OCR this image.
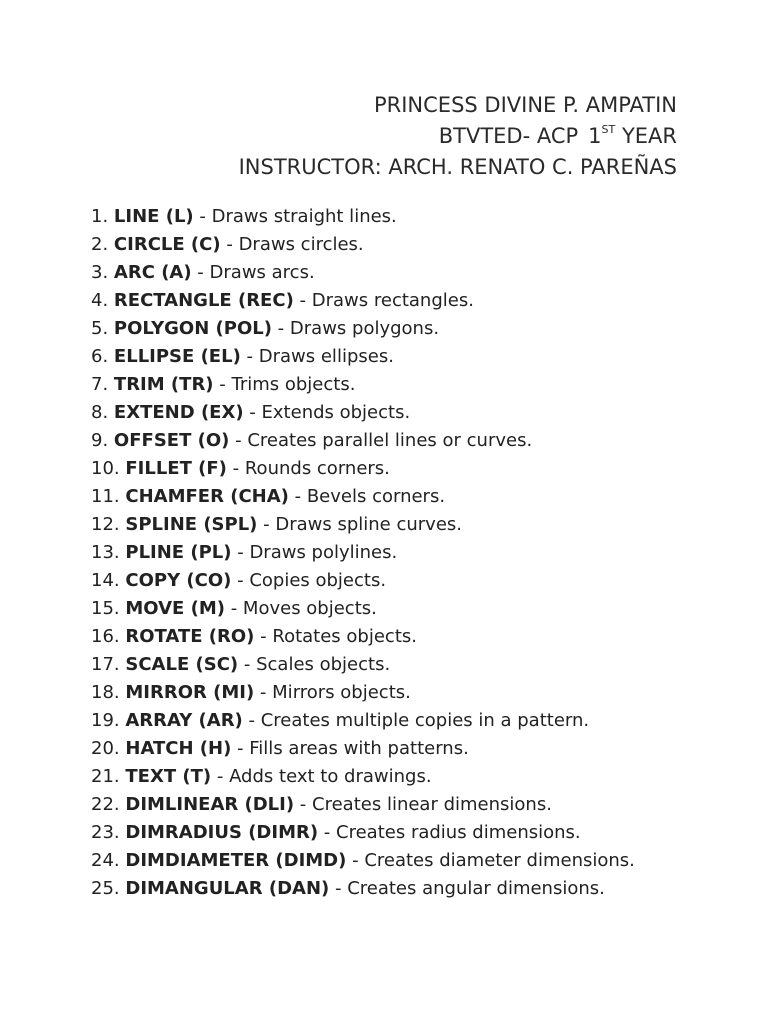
PRINCESS DIVINE P. AMPATIN
BTVTED- ACP 1ST YEAR
INSTRUCTOR: ARCH. RENATO C. PAREÑAS
1. LINE (L) - Draws straight lines.
2. CIRCLE (C) - Draws circles.
3. ARC (A) - Draws arcs.
4. RECTANGLE (REC) - Draws rectangles.
5. POLYGON (POL) - Draws polygons.
6. ELLIPSE (EL) - Draws ellipses.
7. TRIM (TR) - Trims objects.
8. EXTEND (EX) - Extends objects.
9. OFFSET (O) - Creates parallel lines or curves.
10. FILLET (F) - Rounds corners.
11. CHAMFER (CHA) - Bevels corners.
12. SPLINE (SPL) - Draws spline curves.
13. PLINE (PL) - Draws polylines.
14. COPY (CO) - Copies objects.
15. MOVE (M) - Moves objects.
16. ROTATE (RO) - Rotates objects.
17. SCALE (SC) - Scales objects.
18. MIRROR (MI) - Mirrors objects.
19. ARRAY (AR) - Creates multiple copies in a pattern.
20. HATCH (H) - Fills areas with patterns.
21. TEXT (T) - Adds text to drawings.
22. DIMLINEAR (DLI) - Creates linear dimensions.
23. DIMRADIUS (DIMR) - Creates radius dimensions.
24. DIMDIAMETER (DIMD) - Creates diameter dimensions.
25. DIMANGULAR (DAN) - Creates angular dimensions.
